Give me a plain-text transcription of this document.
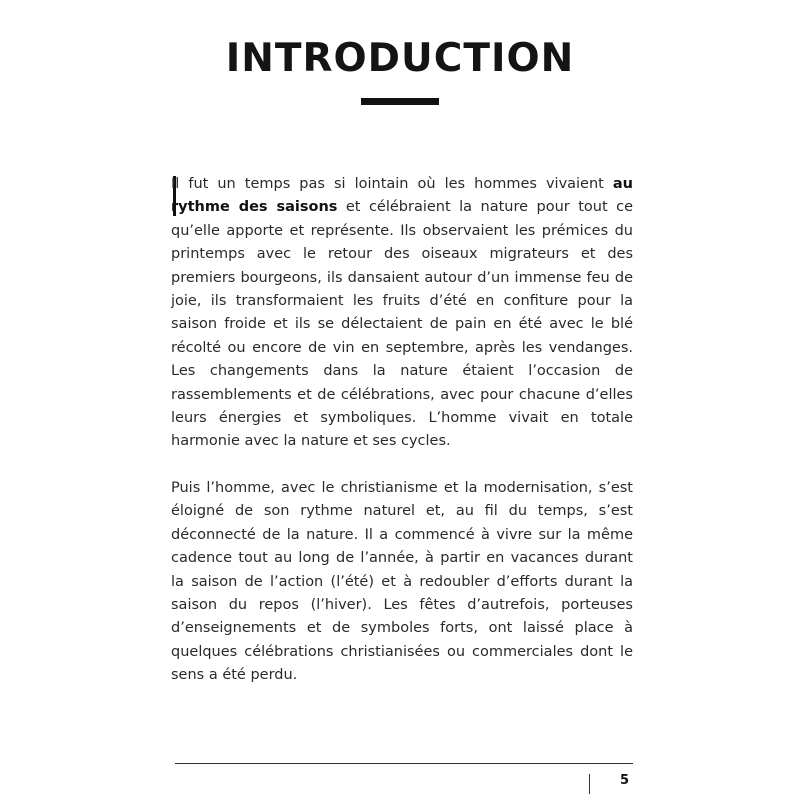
INTRODUCTION

Il fut un temps pas si lointain où les hommes vivaient au rythme des saisons et célébraient la nature pour tout ce qu’elle apporte et représente. Ils observaient les prémices du printemps avec le retour des oiseaux migrateurs et des premiers bourgeons, ils dansaient autour d’un immense feu de joie, ils transformaient les fruits d’été en confiture pour la saison froide et ils se délectaient de pain en été avec le blé récolté ou encore de vin en septembre, après les vendanges. Les changements dans la nature étaient l’occasion de rassemblements et de célébrations, avec pour chacune d’elles leurs énergies et symboliques. L’homme vivait en totale harmonie avec la nature et ses cycles.

Puis l’homme, avec le christianisme et la modernisation, s’est éloigné de son rythme naturel et, au fil du temps, s’est déconnecté de la nature. Il a commencé à vivre sur la même cadence tout au long de l’année, à partir en vacances durant la saison de l’action (l’été) et à redoubler d’efforts durant la saison du repos (l’hiver). Les fêtes d’autrefois, porteuses d’enseignements et de symboles forts, ont laissé place à quelques célébrations christianisées ou commerciales dont le sens a été perdu.

5
